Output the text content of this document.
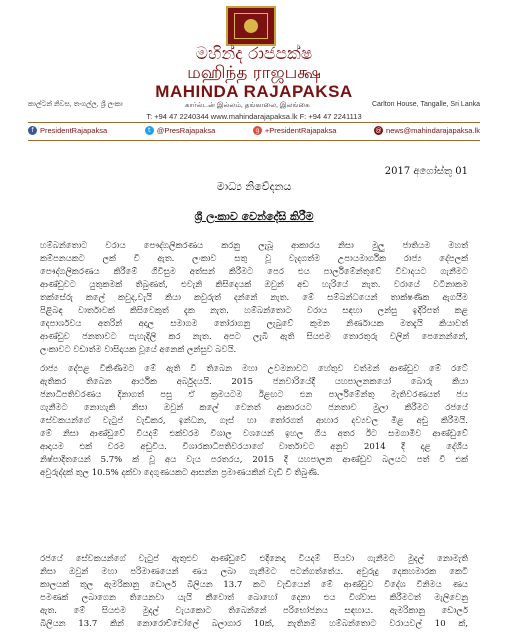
මහින්ද රාජපක්ෂ
மஹிந்த ராஜபக்ஷ
MAHINDA RAJAPAKSA
කාල්ටන් නිවස, තංගල්ල, ශ්‍රී ලංකා	கார்ல்டன் இல்லம், தங்காலை, இலங்கை	Carlton House, Tangalle, Sri Lanka
T: +94 47 2240344 www.mahindarajapaksa.lk F: +94 47 2241113
f PresidentRajapaksa	t @PresRajapaksa	g +PresidentRajapaksa	@ news@mahindarajapaksa.lk
2017 අගෝස්තු 01
මාධ්‍ය නිවේදනය
ශ්‍රී ලංකාව වෙන්දේසි කිරීම
හම්බන්තොට වරාය පෞද්ගලිකරණය කරනු ලැබූ ආකාරය නිසා මුලු ජාතියම මහත්
කම්පනයකට ලක් වී ඇත. ලංකාව සතු වූ වැදගත්ම උපායමාර්ගික රාජ්‍ය දේපලක්
පෞද්ගලිකරණය කිරීමේ ගිවිසුම අත්සන් කිරීමට පෙර එය පාර්ලිමේන්තුවේ විවාදයට ගැනීමට
ආණ්ඩුවට යුතුකමක් තිබුණත්, එවැනි කිසිදෙයක් ඔවුන් අඩ හැරියේ නැත. වරායේ වටිනාකම
තක්සේරු කලේ කවුද,වැයි කියා කවුරුත් දන්නේ නැත. මේ සම්බන්ධයෙන් තාක්ෂණික ඇගයීම
පිළිබඳ වාර්තාවක් කිසිවෙකුත් දැක නැත. හම්බන්තොට වරාය සඳහා ලන්සු ඉදිරිපත් කළ
දෙපාර්ශවය අතරින් අදාල සමාගම තෝරාගනු ලැබුවේ කුමන නිර්ණායක මතදැයි කියාවත්
ආණ්ඩුව ජනතාවට පැහැදිලි කර නැත. අපට ලැබී ඇති සියළුම තොරතුරු වලින් පෙනෙන්නේ,
ලංකාවට වඩාත්ම වාසිදායක වූයේ අනෙක් ලන්සුව බවයි.
රාජ්‍ය දේපළ විකිණීමට මේ ඇති වී තිබෙන මහා උවමනාවට හේතුව වත්මන් ආණ්ඩුව මේ රටේ
ඇතිකර තිබෙන ආර්ථික අර්බුදයයි. 2015 ජනවාරියේදී යහපාලනකයෝ බොරු කියා
ජනාධිපතිවරණය දිනාගත් පසු ඒ ක්‍රමයටම ඊළඟට එන පාර්ලිමේන්තු මැතිවරණයත් ජය
ගැනීමට නොහැකි නිසා ඔවුන් කලේ වෙනත් ආකාරයට ජනතාව මුලා කිරීමට රජයේ
සේවකයන්ගේ වැටුප් වැඩිකර, ඉන්ධන, ගෑස් හා තෝරගත් ආහාර දව්‍යවල මිළ අඩු කිරීමයි.
මේ නිසා ආණ්ඩුවේ වියදම් එක්වරම විශාල වශයෙන් ඉහල ගිය අතර ඊට සමගාමීව ආණ්ඩුවේ
ආදායම එක් වරම අඩුවිය. විශාරකාධිපතිවරයාගේ වාර්තාවට අනුව 2014 දී දළ දේශීය
නිෂ්පාදිතයෙන් 5.7% ක් වූ අය වැය පරතරය, 2015 දී යහපාලන ආණ්ඩුව බලයට පත් වී එක්
අවුරුද්දක් තුල 10.5% දක්වා දෙගුණයකට ආසන්න ප්‍රමාණයකින් වැඩි වී තිබුණි.
රජයේ සේවකයන්ගේ වැටුප් ඇතුළුව ආණ්ඩුවේ එදිනෙදා වියදම් පියවා ගැනීමට මුදල් නොමැති
නිසා ඔවුන් මහා පරිමාණයෙන් ණය ලබා ගැනීමට පටන්ගත්තේය. අවුරුදු දෙකහමාරක කෙටි
කාලයක් තුල ඇමරිකානු ඩොලර් බිලියන 13.7 කට වැඩියෙන් මේ ආණ්ඩුව විදේශ විනිමය ණය
පමණක් ලබාගෙන තියෙනවා යැයි කීවොත් බොහෝ දෙනා එය විශ්වාස කිරීමටත් මැලිවෙනු
ඇත. මේ සියළුම මුදල් වැයකොට තිබෙන්නේ පරිභෝජනය සඳහාය. ඇමරිකානු ඩොලර්
බිලියන 13.7 කින් නොරොච්චෝලේ බලාගාර 10ක්, නැතිනම් හම්බන්තොට වරායවල් 10 ක්,
